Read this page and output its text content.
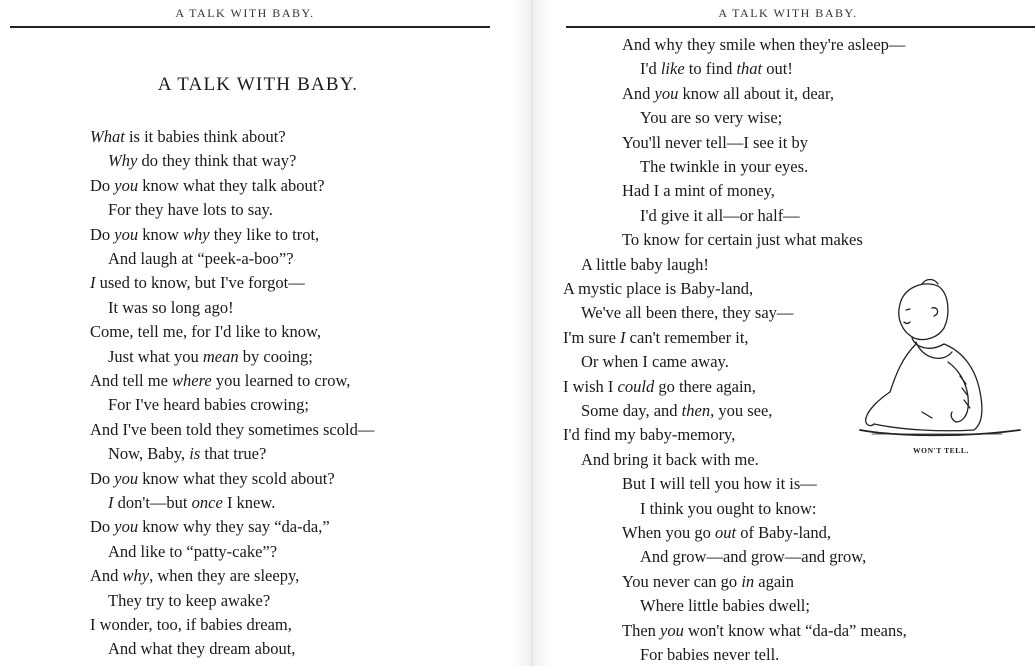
A TALK WITH BABY.
A TALK WITH BABY.
What is it babies think about?
Why do they think that way?
Do you know what they talk about?
For they have lots to say.
Do you know why they like to trot,
And laugh at “peek-a-boo”?
I used to know, but I've forgot—
It was so long ago!
Come, tell me, for I'd like to know,
Just what you mean by cooing;
And tell me where you learned to crow,
For I've heard babies crowing;
And I've been told they sometimes scold—
Now, Baby, is that true?
Do you know what they scold about?
I don't—but once I knew.
Do you know why they say “da-da,”
And like to “patty-cake”?
And why, when they are sleepy,
They try to keep awake?
I wonder, too, if babies dream,
And what they dream about,
A TALK WITH BABY.
And why they smile when they're asleep—
I'd like to find that out!
And you know all about it, dear,
You are so very wise;
You'll never tell—I see it by
The twinkle in your eyes.
Had I a mint of money,
I'd give it all—or half—
To know for certain just what makes
A little baby laugh!
A mystic place is Baby-land,
We've all been there, they say—
I'm sure I can't remember it,
Or when I came away.
I wish I could go there again,
Some day, and then, you see,
I'd find my baby-memory,
And bring it back with me.
But I will tell you how it is—
I think you ought to know:
When you go out of Baby-land,
And grow—and grow—and grow,
You never can go in again
Where little babies dwell;
Then you won't know what “da-da” means,
For babies never tell.
WON'T TELL.
